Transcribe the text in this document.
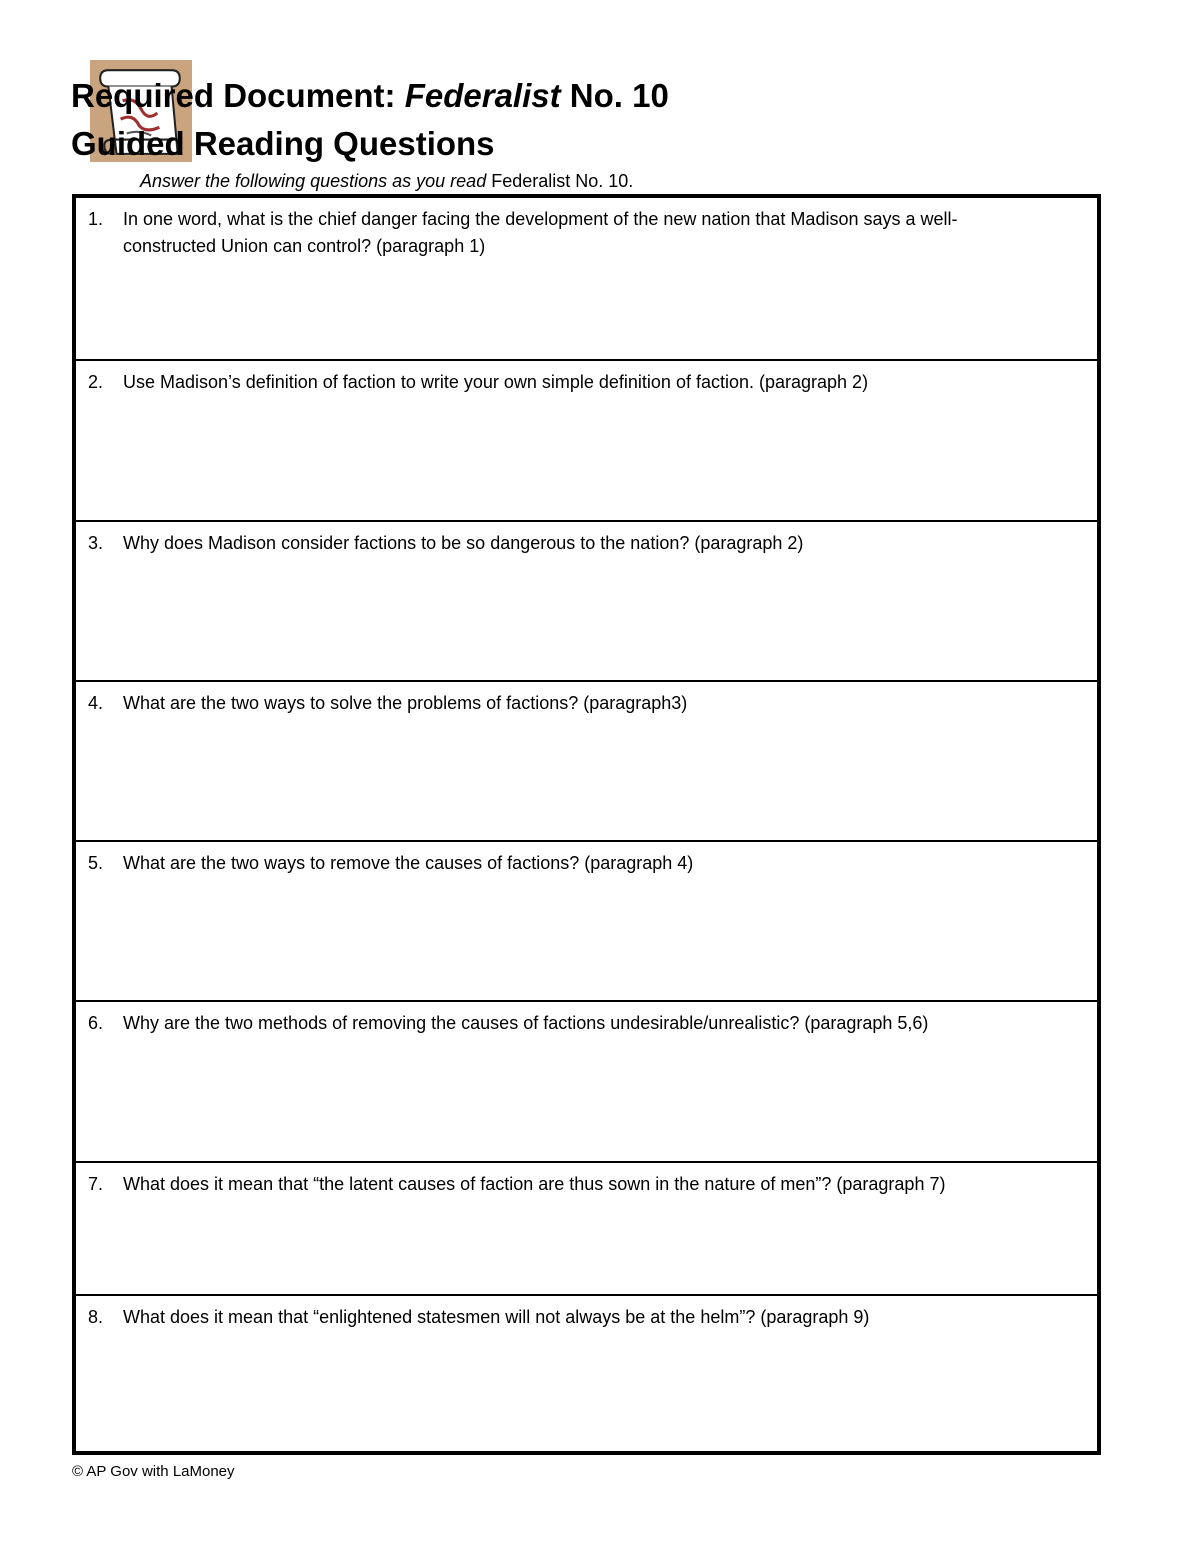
Required Document: Federalist No. 10
Guided Reading Questions
Answer the following questions as you read Federalist No. 10.
1.	In one word, what is the chief danger facing the development of the new nation that Madison says a well-constructed Union can control? (paragraph 1)
2.	Use Madison’s definition of faction to write your own simple definition of faction. (paragraph 2)
3.	Why does Madison consider factions to be so dangerous to the nation? (paragraph 2)
4.	What are the two ways to solve the problems of factions? (paragraph3)
5.	What are the two ways to remove the causes of factions? (paragraph 4)
6.	Why are the two methods of removing the causes of factions undesirable/unrealistic? (paragraph 5,6)
7.	What does it mean that “the latent causes of faction are thus sown in the nature of men”? (paragraph 7)
8.	What does it mean that “enlightened statesmen will not always be at the helm”? (paragraph 9)
© AP Gov with LaMoney
